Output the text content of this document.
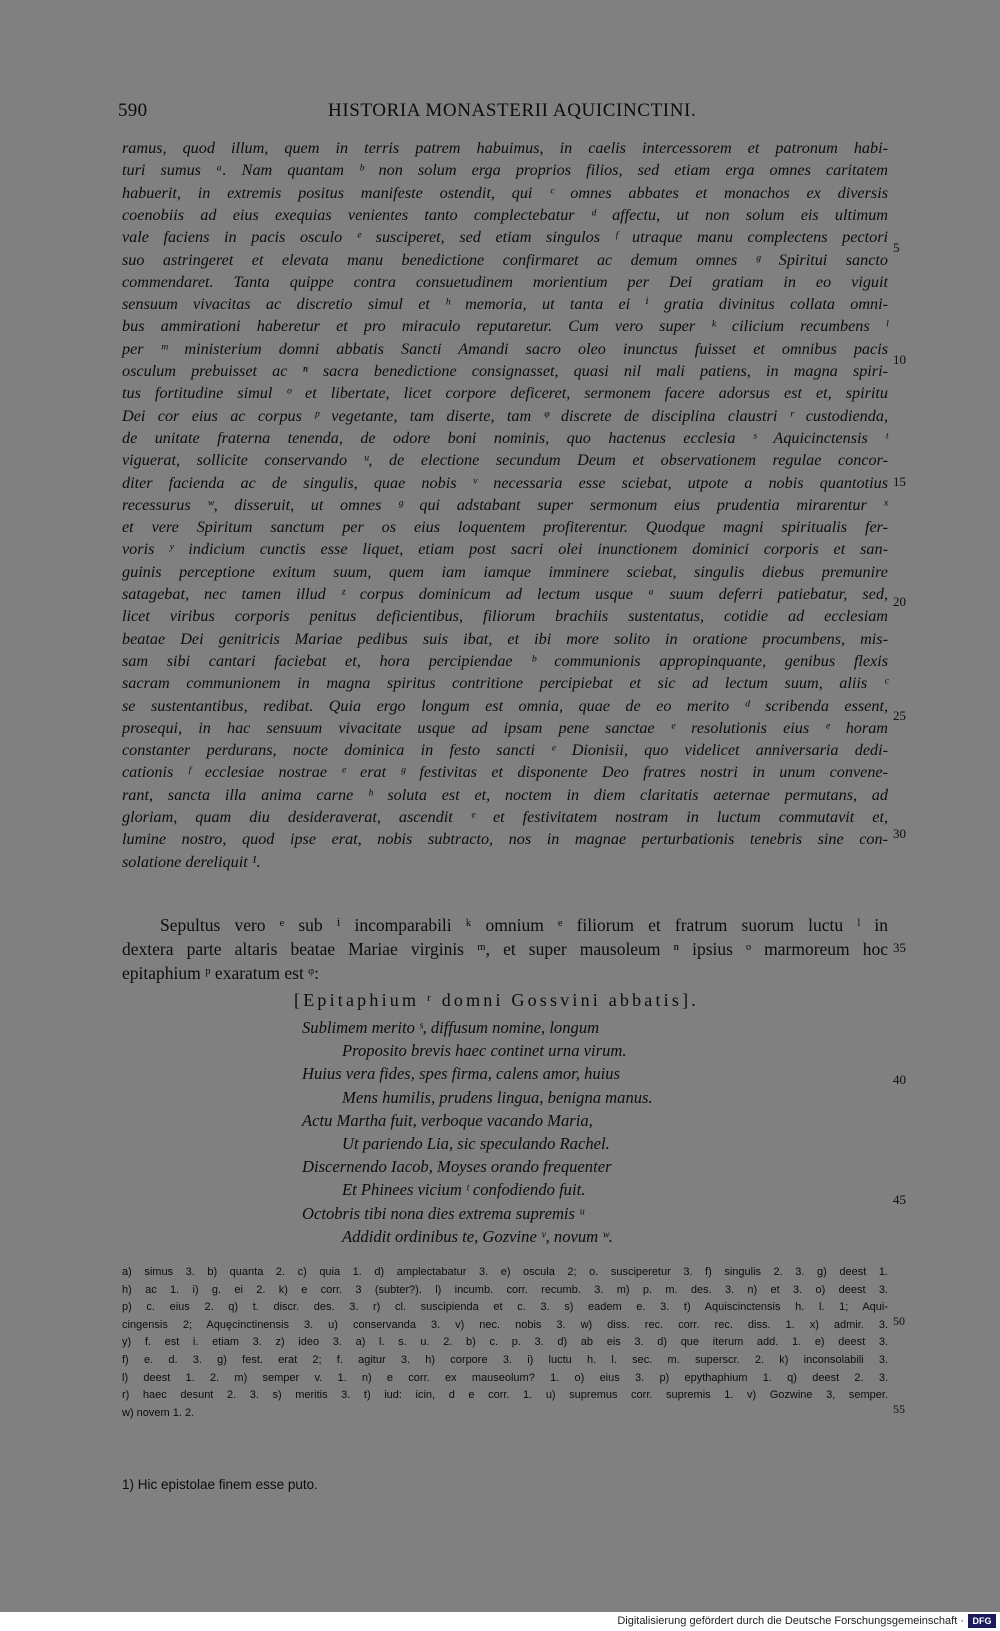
590	HISTORIA MONASTERII AQUICINCTINI.
ramus, quod illum, quem in terris patrem habuimus, in caelis intercessorem et patronum habi-
turi sumus ᵃ. Nam quantam ᵇ non solum erga proprios filios, sed etiam erga omnes caritatem
habuerit, in extremis positus manifeste ostendit, qui ᶜ omnes abbates et monachos ex diversis
coenobiis ad eius exequias venientes tanto complectebatur ᵈ affectu, ut non solum eis ultimum
vale faciens in pacis osculo ᵉ susciperet, sed etiam singulos ᶠ utraque manu complectens pectori
suo astringeret et elevata manu benedictione confirmaret ac demum omnes ᵍ Spiritui sancto
commendaret. Tanta quippe contra consuetudinem morientium per Dei gratiam in eo viguit
sensuum vivacitas ac discretio simul et ʰ memoria, ut tanta ei ⁱ gratia divinitus collata omni-
bus ammirationi haberetur et pro miraculo reputaretur. Cum vero super ᵏ cilicium recumbens ˡ
per ᵐ ministerium domni abbatis Sancti Amandi sacro oleo inunctus fuisset et omnibus pacis
osculum prebuisset ac ⁿ sacra benedictione consignasset, quasi nil mali patiens, in magna spiri-
tus fortitudine simul ᵒ et libertate, licet corpore deficeret, sermonem facere adorsus est et, spiritu
Dei cor eius ac corpus ᵖ vegetante, tam diserte, tam ᵠ discrete de disciplina claustri ʳ custodienda,
de unitate fraterna tenenda, de odore boni nominis, quo hactenus ecclesia ˢ Aquicinctensis ᵗ
viguerat, sollicite conservando ᵘ, de electione secundum Deum et observationem regulae concor-
diter facienda ac de singulis, quae nobis ᵛ necessaria esse sciebat, utpote a nobis quantotius
recessurus ʷ, disseruit, ut omnes ᵍ qui adstabant super sermonum eius prudentia mirarentur ˣ
et vere Spiritum sanctum per os eius loquentem profiterentur. Quodque magni spiritualis fer-
voris ʸ indicium cunctis esse liquet, etiam post sacri olei inunctionem dominici corporis et san-
guinis perceptione exitum suum, quem iam iamque imminere sciebat, singulis diebus premunire
satagebat, nec tamen illud ᶻ corpus dominicum ad lectum usque ᵃ suum deferri patiebatur, sed,
licet viribus corporis penitus deficientibus, filiorum brachiis sustentatus, cotidie ad ecclesiam
beatae Dei genitricis Mariae pedibus suis ibat, et ibi more solito in oratione procumbens, mis-
sam sibi cantari faciebat et, hora percipiendae ᵇ communionis appropinquante, genibus flexis
sacram communionem in magna spiritus contritione percipiebat et sic ad lectum suum, aliis ᶜ
se sustentantibus, redibat. Quia ergo longum est omnia, quae de eo merito ᵈ scribenda essent,
prosequi, in hac sensuum vivacitate usque ad ipsam pene sanctae ᵉ resolutionis eius ᵉ horam
constanter perdurans, nocte dominica in festo sancti ᵉ Dionisii, quo videlicet anniversaria dedi-
cationis ᶠ ecclesiae nostrae ᵉ erat ᵍ festivitas et disponente Deo fratres nostri in unum convene-
rant, sancta illa anima carne ʰ soluta est et, noctem in diem claritatis aeternae permutans, ad
gloriam, quam diu desideraverat, ascendit ᵉ et festivitatem nostram in luctum commutavit et,
lumine nostro, quod ipse erat, nobis subtracto, nos in magnae perturbationis tenebris sine con-
solatione dereliquit ¹.
Sepultus vero ᵉ sub ⁱ incomparabili ᵏ omnium ᵉ filiorum et fratrum suorum luctu ˡ in
dextera parte altaris beatae Mariae virginis ᵐ, et super mausoleum ⁿ ipsius ᵒ marmoreum hoc
epitaphium ᵖ exaratum est ᵠ:
[Epitaphium ʳ domni Gossvini abbatis].
Sublimem merito ˢ, diffusum nomine, longum
Proposito brevis haec continet urna virum.
Huius vera fides, spes firma, calens amor, huius
Mens humilis, prudens lingua, benigna manus.
Actu Martha fuit, verboque vacando Maria,
Ut pariendo Lia, sic speculando Rachel.
Discernendo Iacob, Moyses orando frequenter
Et Phinees vicium ᵗ confodiendo fuit.
Octobris tibi nona dies extrema supremis ᵘ
Addidit ordinibus te, Gozvine ᵛ, novum ʷ.
5
10
15
20
25
30
35
40
45
a) simus 3. b) quanta 2. c) quia 1. d) amplectabatur 3. e) oscula 2; o. susciperetur 3. f) singulis 2. 3. g) deest 1.
h) ac 1. i) g. ei 2. k) e corr. 3 (subter?). l) incumb. corr. recumb. 3. m) p. m. des. 3. n) et 3. o) deest 3.
p) c. eius 2. q) t. discr. des. 3. r) cl. suscipienda et c. 3. s) eadem e. 3. t) Aquiscinctensis h. l. 1; Aqui-
cingensis 2; Aquęcinctinensis 3. u) conservanda 3. v) nec. nobis 3. w) diss. rec. corr. rec. diss. 1. x) admir. 3.
y) f. est i. etiam 3. z) ideo 3. a) l. s. u. 2. b) c. p. 3. d) ab eis 3. d) que iterum add. 1. e) deest 3.
f) e. d. 3. g) fest. erat 2; f. agitur 3. h) corpore 3. i) luctu h. l. sec. m. superscr. 2. k) inconsolabili 3.
l) deest 1. 2. m) semper v. 1. n) e corr. ex mauseolum? 1. o) eius 3. p) epythaphium 1. q) deest 2. 3.
r) haec desunt 2. 3. s) meritis 3. t) iud: icin, d e corr. 1. u) supremus corr. supremis 1. v) Gozwine 3, semper.
w) novem 1. 2.
50
55
1) Hic epistolae finem esse puto.
Digitalisierung gefördert durch die Deutsche Forschungsgemeinschaft · DFG
